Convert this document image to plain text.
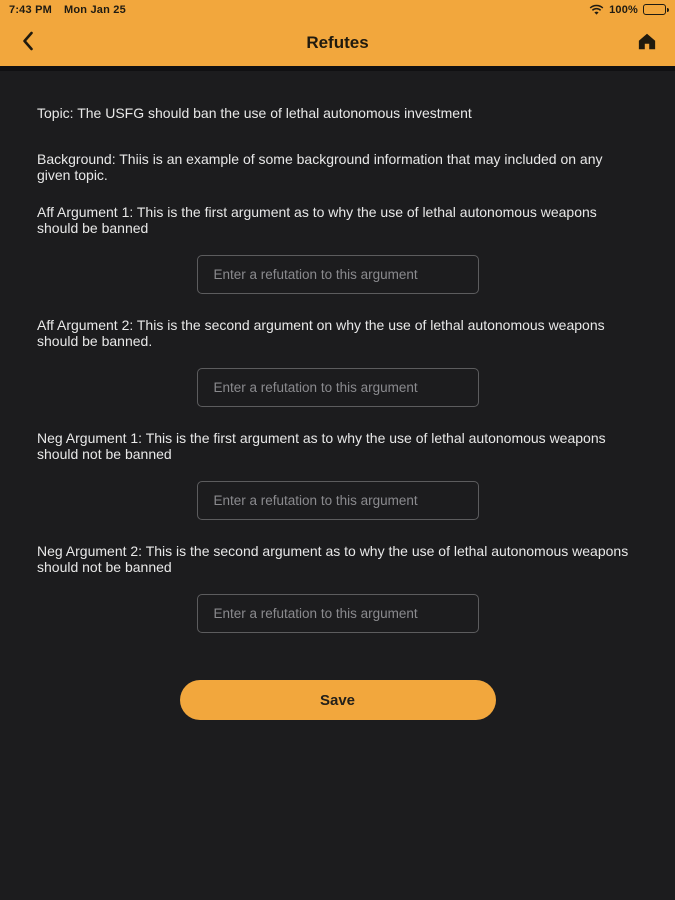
7:43 PM Mon Jan 25	100%
Refutes

Topic: The USFG should ban the use of lethal autonomous investment

Background: Thiis is an example of some background information that may included on any given topic.

Aff Argument 1: This is the first argument as to why the use of lethal autonomous weapons should be banned

Enter a refutation to this argument

Aff Argument 2: This is the second argument on why the use of lethal autonomous weapons should be banned.

Enter a refutation to this argument

Neg Argument 1: This is the first argument as to why the use of lethal autonomous weapons should not be banned

Enter a refutation to this argument

Neg Argument 2: This is the second argument as to why the use of lethal autonomous weapons should not be banned

Enter a refutation to this argument
Save
